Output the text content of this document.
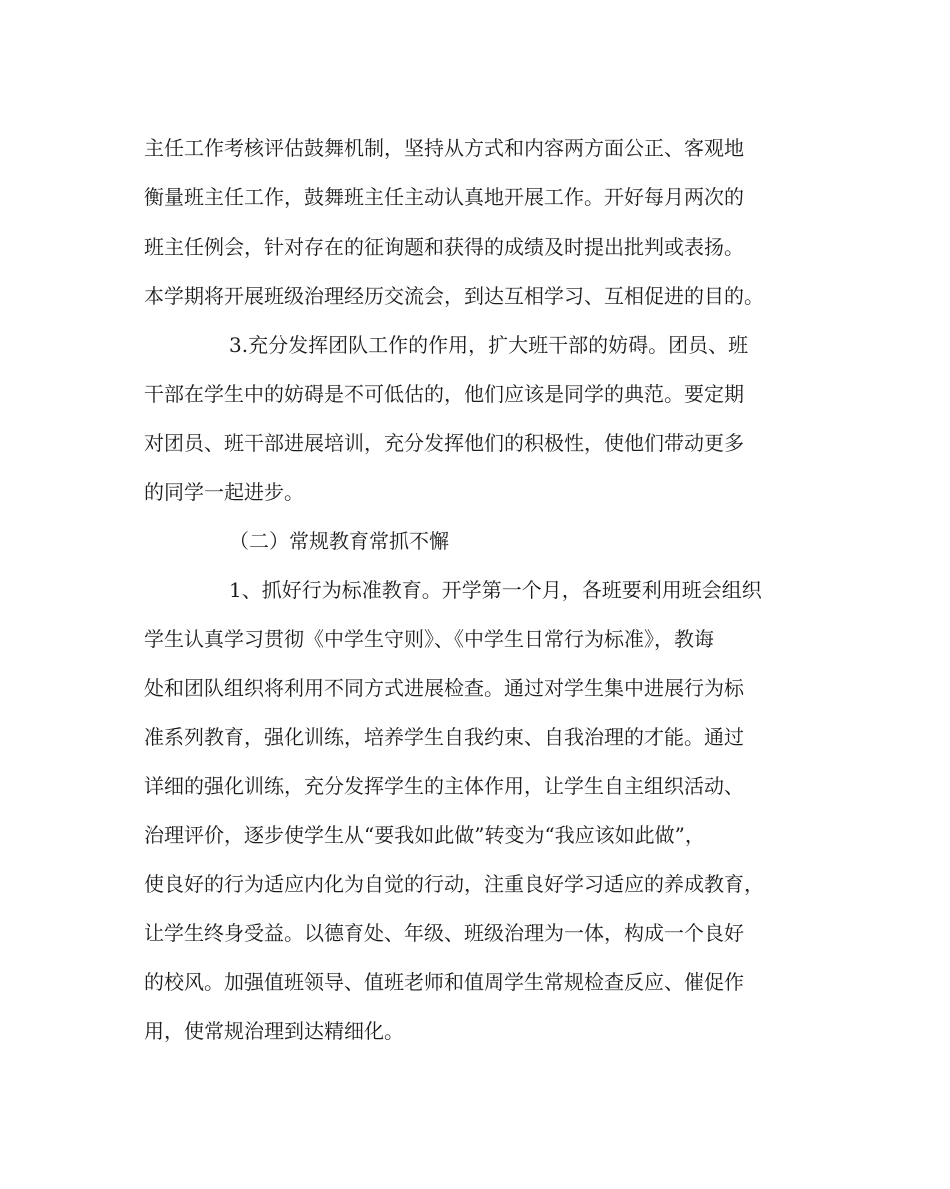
主任工作考核评估鼓舞机制，坚持从方式和内容两方面公正、客观地
衡量班主任工作，鼓舞班主任主动认真地开展工作。开好每月两次的
班主任例会，针对存在的征询题和获得的成绩及时提出批判或表扬。
本学期将开展班级治理经历交流会，到达互相学习、互相促进的目的。
3.充分发挥团队工作的作用，扩大班干部的妨碍。团员、班
干部在学生中的妨碍是不可低估的，他们应该是同学的典范。要定期
对团员、班干部进展培训，充分发挥他们的积极性，使他们带动更多
的同学一起进步。
（二）常规教育常抓不懈
1、抓好行为标准教育。开学第一个月，各班要利用班会组织
学生认真学习贯彻《中学生守则》、《中学生日常行为标准》，教诲
处和团队组织将利用不同方式进展检查。通过对学生集中进展行为标
准系列教育，强化训练，培养学生自我约束、自我治理的才能。通过
详细的强化训练，充分发挥学生的主体作用，让学生自主组织活动、
治理评价，逐步使学生从“要我如此做”转变为“我应该如此做”，
使良好的行为适应内化为自觉的行动，注重良好学习适应的养成教育，
让学生终身受益。以德育处、年级、班级治理为一体，构成一个良好
的校风。加强值班领导、值班老师和值周学生常规检查反应、催促作
用，使常规治理到达精细化。
